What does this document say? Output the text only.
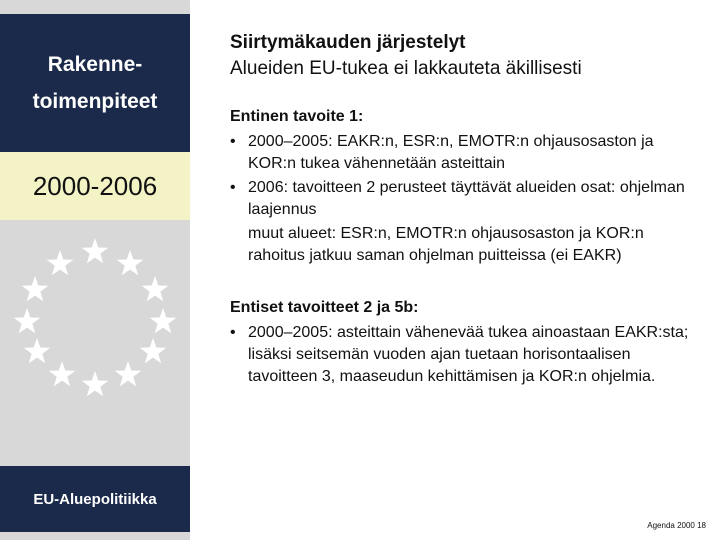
Rakenne-
toimenpiteet
2000-2006
EU-Aluepolitiikka
Siirtymäkauden järjestelyt
Alueiden EU-tukea ei lakkauteta äkillisesti
Entinen tavoite 1:
• 2000–2005: EAKR:n, ESR:n, EMOTR:n ohjausosaston ja KOR:n tukea vähennetään asteittain
• 2006: tavoitteen 2 perusteet täyttävät alueiden osat: ohjelman laajennus
muut alueet: ESR:n, EMOTR:n ohjausosaston ja KOR:n rahoitus jatkuu saman ohjelman puitteissa (ei EAKR)
Entiset tavoitteet 2 ja 5b:
• 2000–2005: asteittain vähenevää tukea ainoastaan EAKR:sta; lisäksi seitsemän vuoden ajan tuetaan horisontaalisen tavoitteen 3, maaseudun kehittämisen ja KOR:n ohjelmia.
Agenda 2000 18
